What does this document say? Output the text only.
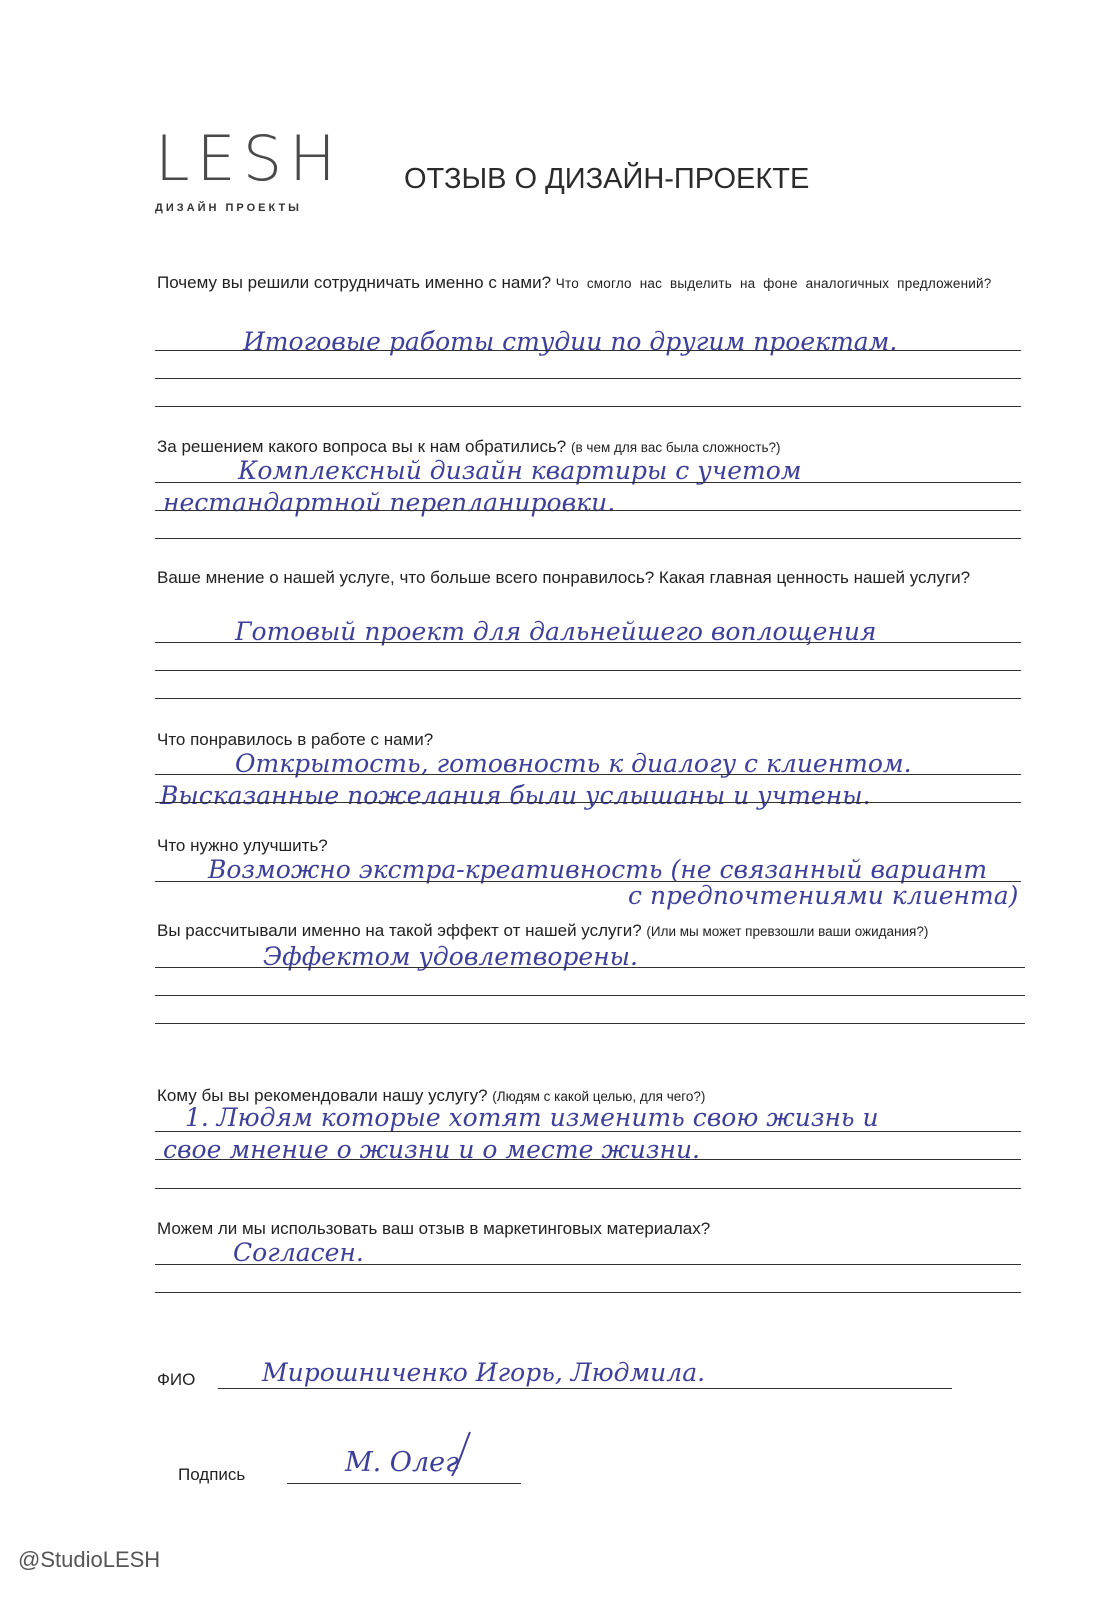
LESH
ДИЗАЙН ПРОЕКТЫ
ОТЗЫВ О ДИЗАЙН-ПРОЕКТЕ
Почему вы решили сотрудничать именно с нами? Что смогло нас выделить на фоне аналогичных предложений?
Итоговые работы студии по другим проектам.
За решением какого вопроса вы к нам обратились? (в чем для вас была сложность?)
Комплексный дизайн квартиры с учетом
нестандартной перепланировки.
Ваше мнение о нашей услуге, что больше всего понравилось? Какая главная ценность нашей услуги?
Готовый проект для дальнейшего воплощения
Что понравилось в работе с нами?
Открытость, готовность к диалогу с клиентом.
Высказанные пожелания были услышаны и учтены.
Что нужно улучшить?
Возможно экстра-креативность (не связанный вариант
с предпочтениями клиента)
Вы рассчитывали именно на такой эффект от нашей услуги? (Или мы может превзошли ваши ожидания?)
Эффектом удовлетворены.
Кому бы вы рекомендовали нашу услугу? (Людям с какой целью, для чего?)
1. Людям которые хотят изменить свою жизнь и
свое мнение о жизни и о месте жизни.
Можем ли мы использовать ваш отзыв в маркетинговых материалах?
Согласен.
ФИО	Мирошниченко Игорь, Людмила.
Подпись	М. Олег
@StudioLESH
